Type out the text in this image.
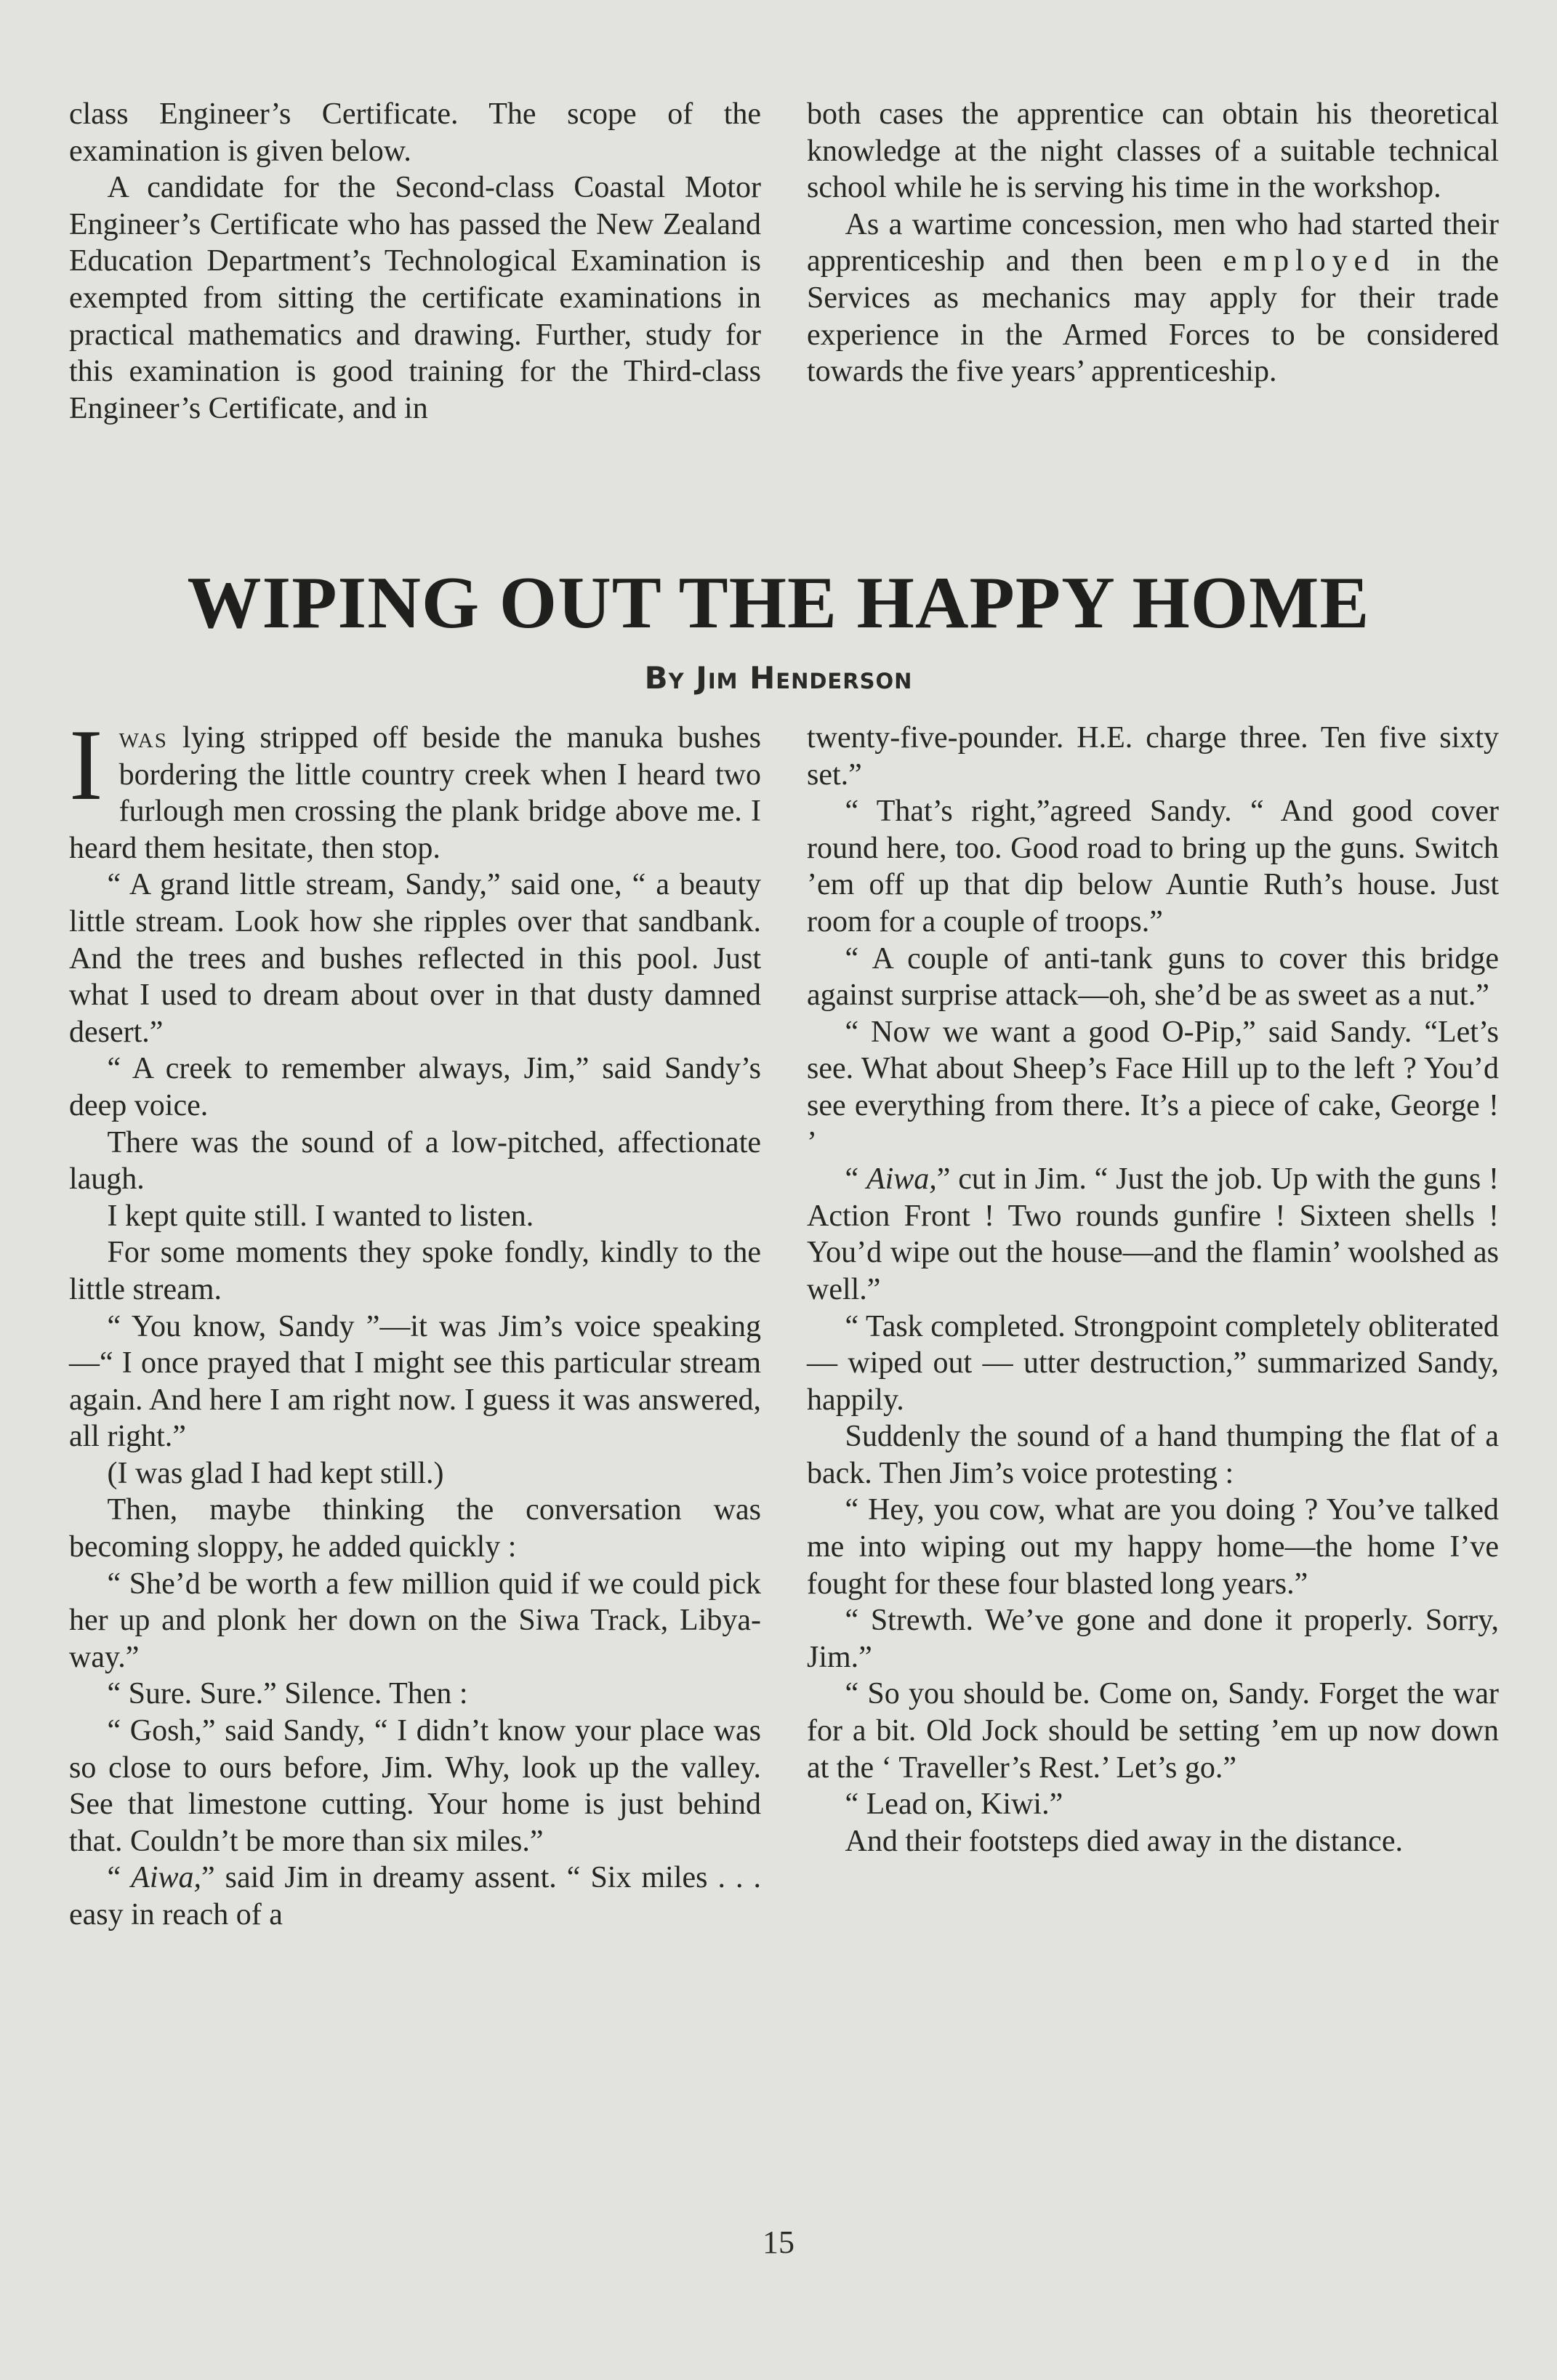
class Engineer’s Certificate. The scope of the examination is given below.

A candidate for the Second-class Coastal Motor Engineer’s Certificate who has passed the New Zealand Education Department’s Technological Examination is exempted from sitting the certificate examinations in practical mathematics and drawing. Further, study for this examination is good training for the Third-class Engineer’s Certificate, and in

both cases the apprentice can obtain his theoretical knowledge at the night classes of a suitable technical school while he is serving his time in the workshop.

As a wartime concession, men who had started their apprenticeship and then been employed in the Services as mechanics may apply for their trade experience in the Armed Forces to be considered towards the five years’ apprenticeship.

WIPING OUT THE HAPPY HOME
By Jim Henderson

Iwas lying stripped off beside the manuka bushes bordering the little country creek when I heard two furlough men crossing the plank bridge above me. I heard them hesitate, then stop.

“ A grand little stream, Sandy,” said one, “ a beauty little stream. Look how she ripples over that sandbank. And the trees and bushes reflected in this pool. Just what I used to dream about over in that dusty damned desert.”

“ A creek to remember always, Jim,” said Sandy’s deep voice.

There was the sound of a low-pitched, affectionate laugh.

I kept quite still. I wanted to listen.

For some moments they spoke fondly, kindly to the little stream.

“ You know, Sandy ”—it was Jim’s voice speaking—“ I once prayed that I might see this particular stream again. And here I am right now. I guess it was answered, all right.”

(I was glad I had kept still.)

Then, maybe thinking the conversation was becoming sloppy, he added quickly :

“ She’d be worth a few million quid if we could pick her up and plonk her down on the Siwa Track, Libya-way.”

“ Sure. Sure.” Silence. Then :

“ Gosh,” said Sandy, “ I didn’t know your place was so close to ours before, Jim. Why, look up the valley. See that limestone cutting. Your home is just behind that. Couldn’t be more than six miles.”

“ Aiwa,” said Jim in dreamy assent. “ Six miles . . . easy in reach of a

twenty-five-pounder. H.E. charge three. Ten five sixty set.”

“ That’s right,”agreed Sandy. “ And good cover round here, too. Good road to bring up the guns. Switch ’em off up that dip below Auntie Ruth’s house. Just room for a couple of troops.”

“ A couple of anti-tank guns to cover this bridge against surprise attack—oh, she’d be as sweet as a nut.”

“ Now we want a good O-Pip,” said Sandy. “Let’s see. What about Sheep’s Face Hill up to the left ? You’d see everything from there. It’s a piece of cake, George ! ’

“ Aiwa,” cut in Jim. “ Just the job. Up with the guns ! Action Front ! Two rounds gunfire ! Sixteen shells ! You’d wipe out the house—and the flamin’ woolshed as well.”

“ Task completed. Strongpoint completely obliterated — wiped out — utter destruction,” summarized Sandy, happily.

Suddenly the sound of a hand thumping the flat of a back. Then Jim’s voice protesting :

“ Hey, you cow, what are you doing ? You’ve talked me into wiping out my happy home—the home I’ve fought for these four blasted long years.”

“ Strewth. We’ve gone and done it properly. Sorry, Jim.”

“ So you should be. Come on, Sandy. Forget the war for a bit. Old Jock should be setting ’em up now down at the ‘ Traveller’s Rest.’ Let’s go.”

“ Lead on, Kiwi.”

And their footsteps died away in the distance.

15
